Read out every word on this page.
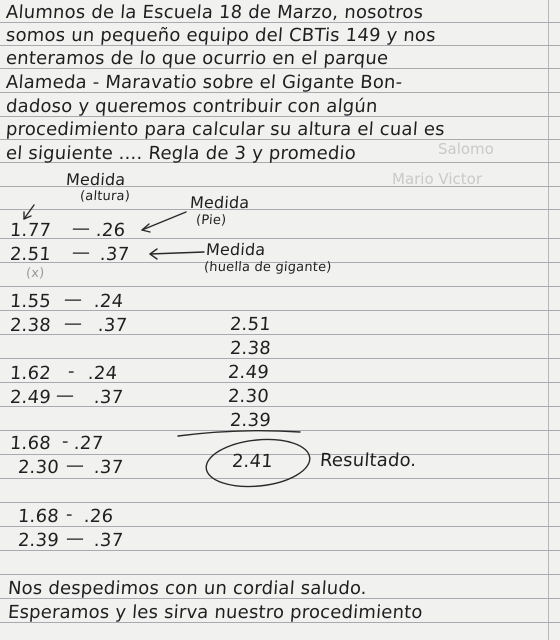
Salomo
Mario Victor
Alumnos de la Escuela 18 de Marzo, nosotros
somos un pequeño equipo del CBTis 149 y nos
enteramos de lo que ocurrio en el parque
Alameda - Maravatio sobre el Gigante Bon-
dadoso y queremos contribuir con algún
procedimiento para calcular su altura el cual es
el siguiente .... Regla de 3 y promedio
Medida
(altura)	Medida
(Pie)
Medida
(huella de gigante)
(x)
1.77 — .26
2.51 — .37
1.55 — .24
2.38 — .37
1.62 - .24
2.49 — .37
1.68 - .27
2.30 — .37
1.68 - .26
2.39 — .37
2.51
2.38
2.49
2.30
2.39
2.41	Resultado.
Nos despedimos con un cordial saludo.
Esperamos y les sirva nuestro procedimiento
